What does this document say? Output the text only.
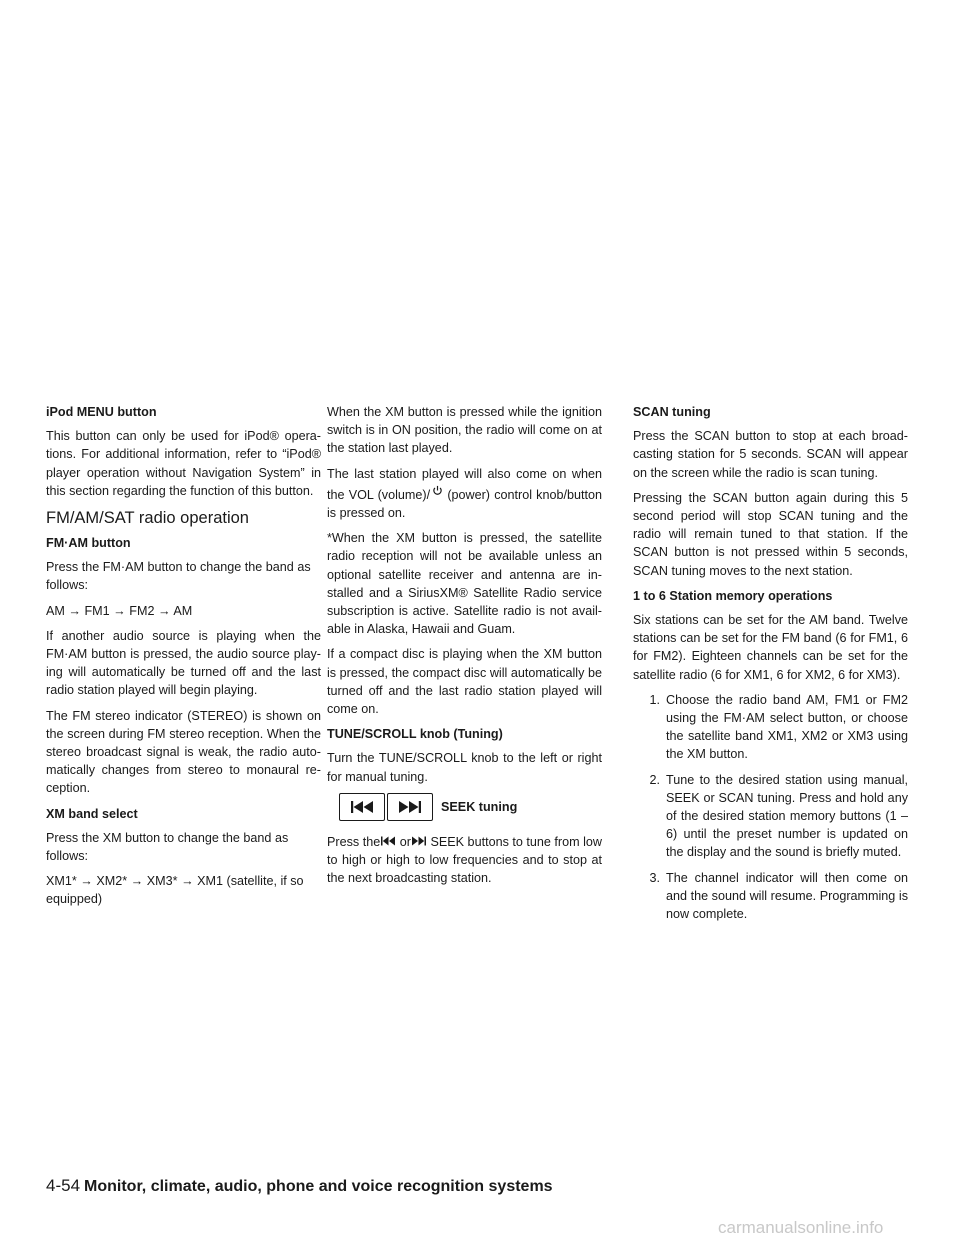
iPod MENU button

This button can only be used for iPod® opera- tions. For additional information, refer to “iPod® player operation without Navigation System” in this section regarding the function of this button.

FM/AM/SAT radio operation
FM·AM button

Press the FM·AM button to change the band as follows:

AM → FM1 → FM2 → AM

If another audio source is playing when the FM·AM button is pressed, the audio source play- ing will automatically be turned off and the last radio station played will begin playing.

The FM stereo indicator (STEREO) is shown on the screen during FM stereo reception. When the stereo broadcast signal is weak, the radio auto- matically changes from stereo to monaural re- ception.

XM band select

Press the XM button to change the band as follows:

XM1* → XM2* → XM3* → XM1 (satellite, if so equipped)

When the XM button is pressed while the ignition switch is in ON position, the radio will come on at the station last played.

The last station played will also come on when the VOL (volume)/ (power) control knob/button is pressed on.

*When the XM button is pressed, the satellite radio reception will not be available unless an optional satellite receiver and antenna are in- stalled and a SiriusXM® Satellite Radio service subscription is active. Satellite radio is not avail- able in Alaska, Hawaii and Guam.

If a compact disc is playing when the XM button is pressed, the compact disc will automatically be turned off and the last radio station played will come on.

TUNE/SCROLL knob (Tuning)

Turn the TUNE/SCROLL knob to the left or right for manual tuning.

SEEK tuning

Press the or SEEK buttons to tune from low to high or high to low frequencies and to stop at the next broadcasting station.

SCAN tuning

Press the SCAN button to stop at each broad- casting station for 5 seconds. SCAN will appear on the screen while the radio is scan tuning.

Pressing the SCAN button again during this 5 second period will stop SCAN tuning and the radio will remain tuned to that station. If the SCAN button is not pressed within 5 seconds, SCAN tuning moves to the next station.

1 to 6 Station memory operations

Six stations can be set for the AM band. Twelve stations can be set for the FM band (6 for FM1, 6 for FM2). Eighteen channels can be set for the satellite radio (6 for XM1, 6 for XM2, 6 for XM3).

1. Choose the radio band AM, FM1 or FM2 using the FM·AM select button, or choose the satellite band XM1, XM2 or XM3 using the XM button.
2. Tune to the desired station using manual, SEEK or SCAN tuning. Press and hold any of the desired station memory buttons (1 – 6) until the preset number is updated on the display and the sound is briefly muted.
3. The channel indicator will then come on and the sound will resume. Programming is now complete.
4-54 Monitor, climate, audio, phone and voice recognition systems
carmanualsonline.info
